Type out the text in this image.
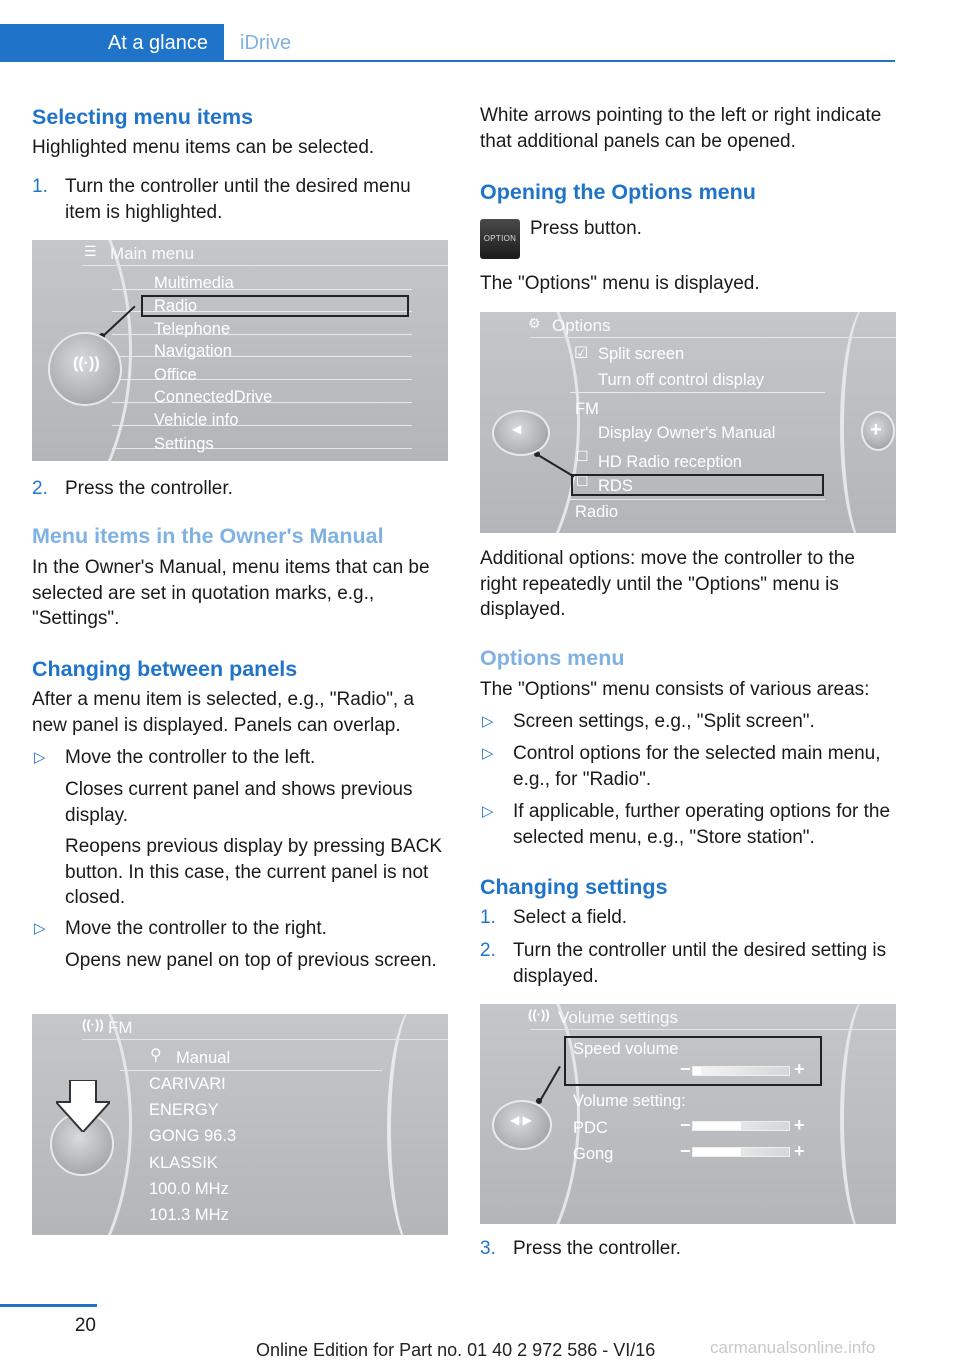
At a glance	iDrive
Selecting menu items

Highlighted menu items can be selected.

1. Turn the controller until the desired menu item is highlighted.
☰ Main menu
Multimedia
Radio
Telephone
Navigation
Office
ConnectedDrive
Vehicle info
Settings
((·))
2. Press the controller.
Menu items in the Owner's Manual

In the Owner's Manual, menu items that can be selected are set in quotation marks, e.g., "Settings".

Changing between panels

After a menu item is selected, e.g., "Radio", a new panel is displayed. Panels can overlap.

▷ Move the controller to the left.
Closes current panel and shows previous display.
Reopens previous display by pressing BACK button. In this case, the current panel is not closed.
▷ Move the controller to the right.
Opens new panel on top of previous screen.
((·)) FM
⚲ Manual
CARIVARI
ENERGY
GONG 96.3
KLASSIK
100.0 MHz
101.3 MHz

White arrows pointing to the left or right indicate that additional panels can be opened.

Opening the Options menu
OPTION Press button.

The "Options" menu is displayed.

⚙ Options
☑ Split screen
Turn off control display
FM
Display Owner's Manual
☐ HD Radio reception
☐ RDS
Radio
◀	+

Additional options: move the controller to the right repeatedly until the "Options" menu is displayed.

Options menu

The "Options" menu consists of various areas:

▷ Screen settings, e.g., "Split screen".
▷ Control options for the selected main menu, e.g., for "Radio".
▷ If applicable, further operating options for the selected menu, e.g., "Store station".
Changing settings
1. Select a field.
2. Turn the controller until the desired setting is displayed.
((·)) Volume settings
Speed volume
−	+
Volume setting:
PDC	−	+
Gong	−	+
◀ ▶
3. Press the controller.
20
Online Edition for Part no. 01 40 2 972 586 - VI/16	carmanualsonline.info
